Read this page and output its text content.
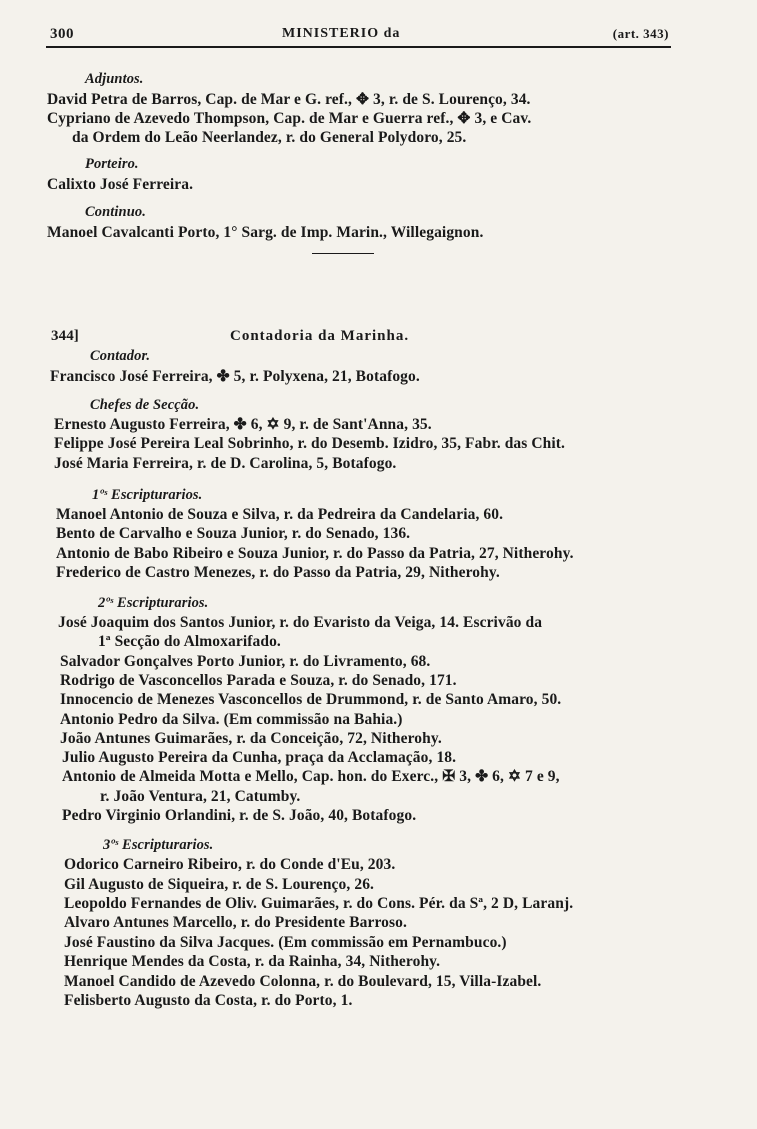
300	MINISTERIO da	(art. 343)
Adjuntos.
David Petra de Barros, Cap. de Mar e G. ref., ✥ 3, r. de S. Lourenço, 34.
Cypriano de Azevedo Thompson, Cap. de Mar e Guerra ref., ✥ 3, e Cav.
da Ordem do Leão Neerlandez, r. do General Polydoro, 25.
Porteiro.
Calixto José Ferreira.
Continuo.
Manoel Cavalcanti Porto, 1° Sarg. de Imp. Marin., Willegaignon.
344]	Contadoria da Marinha.
Contador.
Francisco José Ferreira, ✤ 5, r. Polyxena, 21, Botafogo.
Chefes de Secção.
Ernesto Augusto Ferreira, ✤ 6, ✡ 9, r. de Sant'Anna, 35.
Felippe José Pereira Leal Sobrinho, r. do Desemb. Izidro, 35, Fabr. das Chit.
José Maria Ferreira, r. de D. Carolina, 5, Botafogo.
1ºˢ Escripturarios.
Manoel Antonio de Souza e Silva, r. da Pedreira da Candelaria, 60.
Bento de Carvalho e Souza Junior, r. do Senado, 136.
Antonio de Babo Ribeiro e Souza Junior, r. do Passo da Patria, 27, Nitherohy.
Frederico de Castro Menezes, r. do Passo da Patria, 29, Nitherohy.
2ºˢ Escripturarios.
José Joaquim dos Santos Junior, r. do Evaristo da Veiga, 14. Escrivão da
1ª Secção do Almoxarifado.
Salvador Gonçalves Porto Junior, r. do Livramento, 68.
Rodrigo de Vasconcellos Parada e Souza, r. do Senado, 171.
Innocencio de Menezes Vasconcellos de Drummond, r. de Santo Amaro, 50.
Antonio Pedro da Silva. (Em commissão na Bahia.)
João Antunes Guimarães, r. da Conceição, 72, Nitherohy.
Julio Augusto Pereira da Cunha, praça da Acclamação, 18.
Antonio de Almeida Motta e Mello, Cap. hon. do Exerc., ✠ 3, ✤ 6, ✡ 7 e 9,
r. João Ventura, 21, Catumby.
Pedro Virginio Orlandini, r. de S. João, 40, Botafogo.
3ºˢ Escripturarios.
Odorico Carneiro Ribeiro, r. do Conde d'Eu, 203.
Gil Augusto de Siqueira, r. de S. Lourenço, 26.
Leopoldo Fernandes de Oliv. Guimarães, r. do Cons. Pér. da Sª, 2 D, Laranj.
Alvaro Antunes Marcello, r. do Presidente Barroso.
José Faustino da Silva Jacques. (Em commissão em Pernambuco.)
Henrique Mendes da Costa, r. da Rainha, 34, Nitherohy.
Manoel Candido de Azevedo Colonna, r. do Boulevard, 15, Villa-Izabel.
Felisberto Augusto da Costa, r. do Porto, 1.
